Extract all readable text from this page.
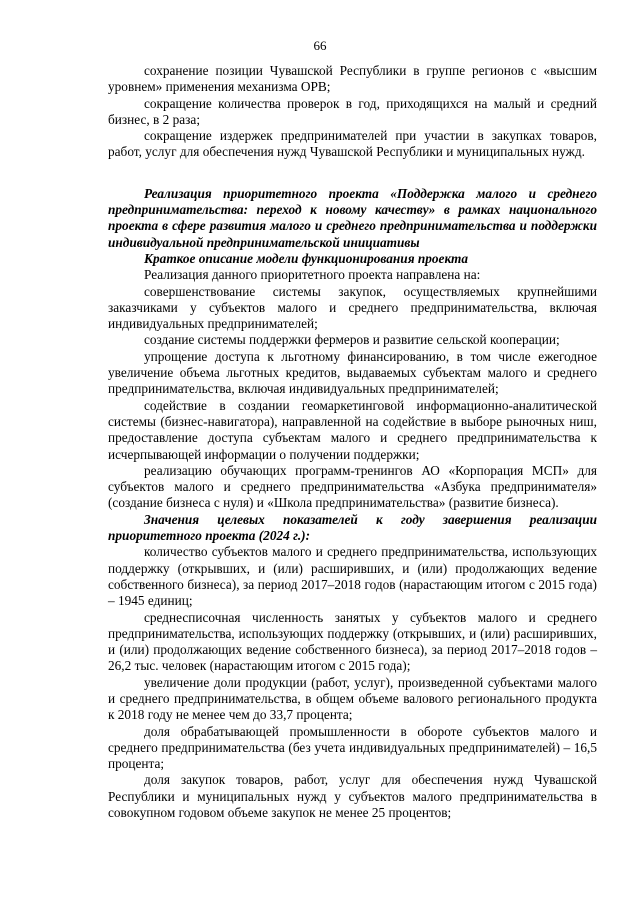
66

сохранение позиции Чувашской Республики в группе регионов с «высшим уровнем» применения механизма ОРВ;

сокращение количества проверок в год, приходящихся на малый и средний бизнес, в 2 раза;

сокращение издержек предпринимателей при участии в закупках товаров, работ, услуг для обеспечения нужд Чувашской Республики и муниципальных нужд.

Реализация приоритетного проекта «Поддержка малого и среднего предпринимательства: переход к новому качеству» в рамках национального проекта в сфере развития малого и среднего предпринимательства и поддержки индивидуальной предпринимательской инициативы

Краткое описание модели функционирования проекта

Реализация данного приоритетного проекта направлена на:

совершенствование системы закупок, осуществляемых крупнейшими заказчиками у субъектов малого и среднего предпринимательства, включая индивидуальных предпринимателей;

создание системы поддержки фермеров и развитие сельской кооперации;

упрощение доступа к льготному финансированию, в том числе ежегодное увеличение объема льготных кредитов, выдаваемых субъектам малого и среднего предпринимательства, включая индивидуальных предпринимателей;

содействие в создании геомаркетинговой информационно-аналитической системы (бизнес-навигатора), направленной на содействие в выборе рыночных ниш, предоставление доступа субъектам малого и среднего предпринимательства к исчерпывающей информации о получении поддержки;

реализацию обучающих программ-тренингов АО «Корпорация МСП» для субъектов малого и среднего предпринимательства «Азбука предпринимателя» (создание бизнеса с нуля) и «Школа предпринимательства» (развитие бизнеса).

Значения целевых показателей к году завершения реализации приоритетного проекта (2024 г.):

количество субъектов малого и среднего предпринимательства, использующих поддержку (открывших, и (или) расширивших, и (или) продолжающих ведение собственного бизнеса), за период 2017–2018 годов (нарастающим итогом с 2015 года) – 1945 единиц;

среднесписочная численность занятых у субъектов малого и среднего предпринимательства, использующих поддержку (открывших, и (или) расширивших, и (или) продолжающих ведение собственного бизнеса), за период 2017–2018 годов – 26,2 тыс. человек (нарастающим итогом с 2015 года);

увеличение доли продукции (работ, услуг), произведенной субъектами малого и среднего предпринимательства, в общем объеме валового регионального продукта к 2018 году не менее чем до 33,7 процента;

доля обрабатывающей промышленности в обороте субъектов малого и среднего предпринимательства (без учета индивидуальных предпринимателей) – 16,5 процента;

доля закупок товаров, работ, услуг для обеспечения нужд Чувашской Республики и муниципальных нужд у субъектов малого предпринимательства в совокупном годовом объеме закупок не менее 25 процентов;
